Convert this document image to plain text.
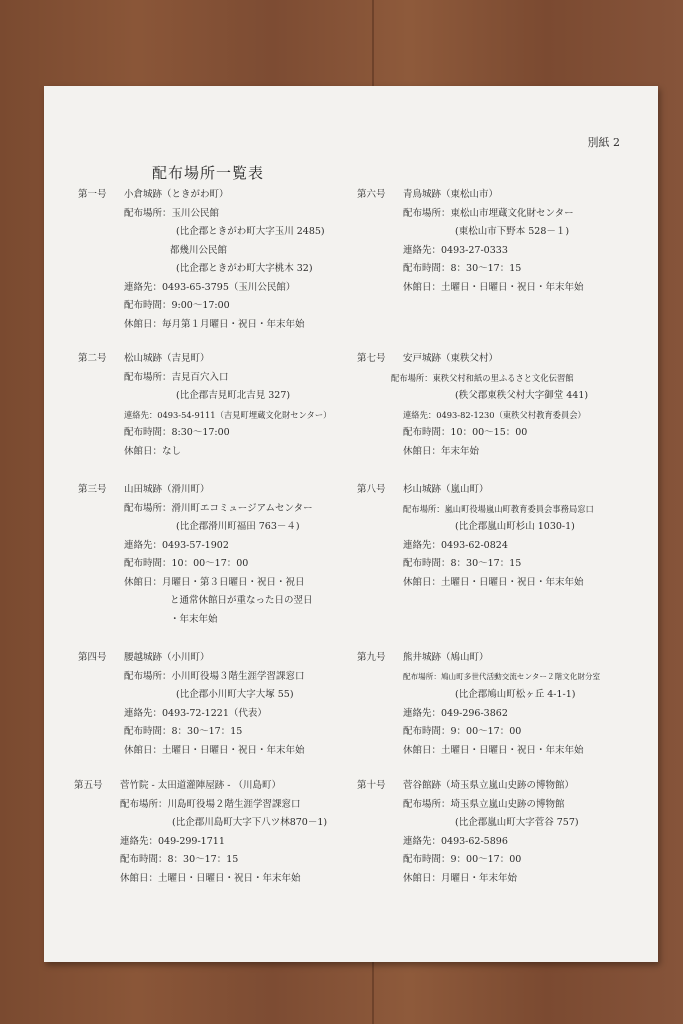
別紙 2
配布場所一覧表
第一号	小倉城跡（ときがわ町）
配布場所：玉川公民館
(比企郡ときがわ町大字玉川 2485)
都幾川公民館
(比企郡ときがわ町大字桃木 32)
連絡先：0493-65-3795（玉川公民館）
配布時間：9:00～17:00
休館日：毎月第１月曜日・祝日・年末年始
第二号	松山城跡（吉見町）
配布場所：吉見百穴入口
(比企郡吉見町北吉見 327)
連絡先：0493-54-9111（吉見町埋蔵文化財センター）
配布時間：8:30～17:00
休館日：なし
第三号	山田城跡（滑川町）
配布場所：滑川町エコミュージアムセンター
(比企郡滑川町福田 763－４)
連絡先：0493-57-1902
配布時間：10：00～17：00
休館日：月曜日・第３日曜日・祝日・祝日
と通常休館日が重なった日の翌日
・年末年始
第四号	腰越城跡（小川町）
配布場所：小川町役場３階生涯学習課窓口
(比企郡小川町大字大塚 55)
連絡先：0493-72-1221（代表）
配布時間：8：30～17：15
休館日：土曜日・日曜日・祝日・年末年始
第五号	菅竹院 - 太田道灌陣屋跡 - （川島町）
配布場所：川島町役場２階生涯学習課窓口
(比企郡川島町大字下八ツ林870－1)
連絡先：049-299-1711
配布時間：8：30～17：15
休館日：土曜日・日曜日・祝日・年末年始
第六号	青鳥城跡（東松山市）
配布場所：東松山市埋蔵文化財センター
(東松山市下野本 528－１)
連絡先：0493-27-0333
配布時間：8：30～17：15
休館日：土曜日・日曜日・祝日・年末年始
第七号	安戸城跡（東秩父村）
配布場所：東秩父村和紙の里ふるさと文化伝習館
(秩父郡東秩父村大字御堂 441)
連絡先：0493-82-1230（東秩父村教育委員会）
配布時間：10：00～15：00
休館日：年末年始
第八号	杉山城跡（嵐山町）
配布場所：嵐山町役場嵐山町教育委員会事務局窓口
(比企郡嵐山町杉山 1030-1)
連絡先：0493-62-0824
配布時間：8：30～17：15
休館日：土曜日・日曜日・祝日・年末年始
第九号	熊井城跡（鳩山町）
配布場所：鳩山町多世代活動交流センター２階文化財分室
(比企郡鳩山町松ヶ丘 4-1-1)
連絡先：049-296-3862
配布時間：9：00～17：00
休館日：土曜日・日曜日・祝日・年末年始
第十号	菅谷館跡（埼玉県立嵐山史跡の博物館）
配布場所：埼玉県立嵐山史跡の博物館
(比企郡嵐山町大字菅谷 757)
連絡先：0493-62-5896
配布時間：9：00～17：00
休館日：月曜日・年末年始
